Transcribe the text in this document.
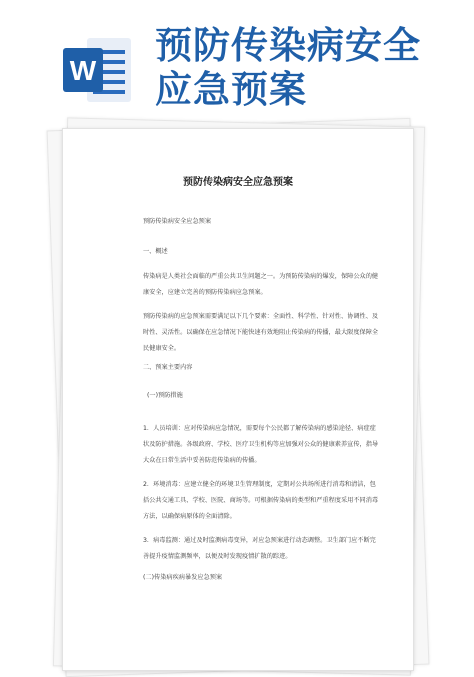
W
预防传染病安全应急预案
预防传染病安全应急预案

预防传染病安全应急预案

一、概述

传染病是人类社会面临的严重公共卫生问题之一。为预防传染病的爆发，保障公众的健康安全，应建立完善的预防传染病应急预案。

预防传染病的应急预案需要满足以下几个要素：全面性、科学性、针对性、协调性、及时性、灵活性。以确保在应急情况下能快速有效地阻止传染病的传播，最大限度保障全民健康安全。

二、预案主要内容

(一)预防措施

1．人员培训：应对传染病应急情况，需要每个公民都了解传染病的感染途径、病症症状及防护措施。各级政府、学校、医疗卫生机构等应加强对公众的健康素养宣传，指导大众在日常生活中妥善防范传染病的传播。

2．环境消毒：应建立健全的环境卫生管理制度，定期对公共场所进行消毒和清洁，包括公共交通工具、学校、医院、商场等。可根据传染病的类型和严重程度采用不同消毒方法，以确保病原体的全面清除。

3．病毒监测：通过及时监测病毒变异，对应急预案进行动态调整。卫生部门应不断完善提升疫情监测频率，以便及时发现疫情扩散的踪迹。

(二)传染病疾病暴发应急预案
